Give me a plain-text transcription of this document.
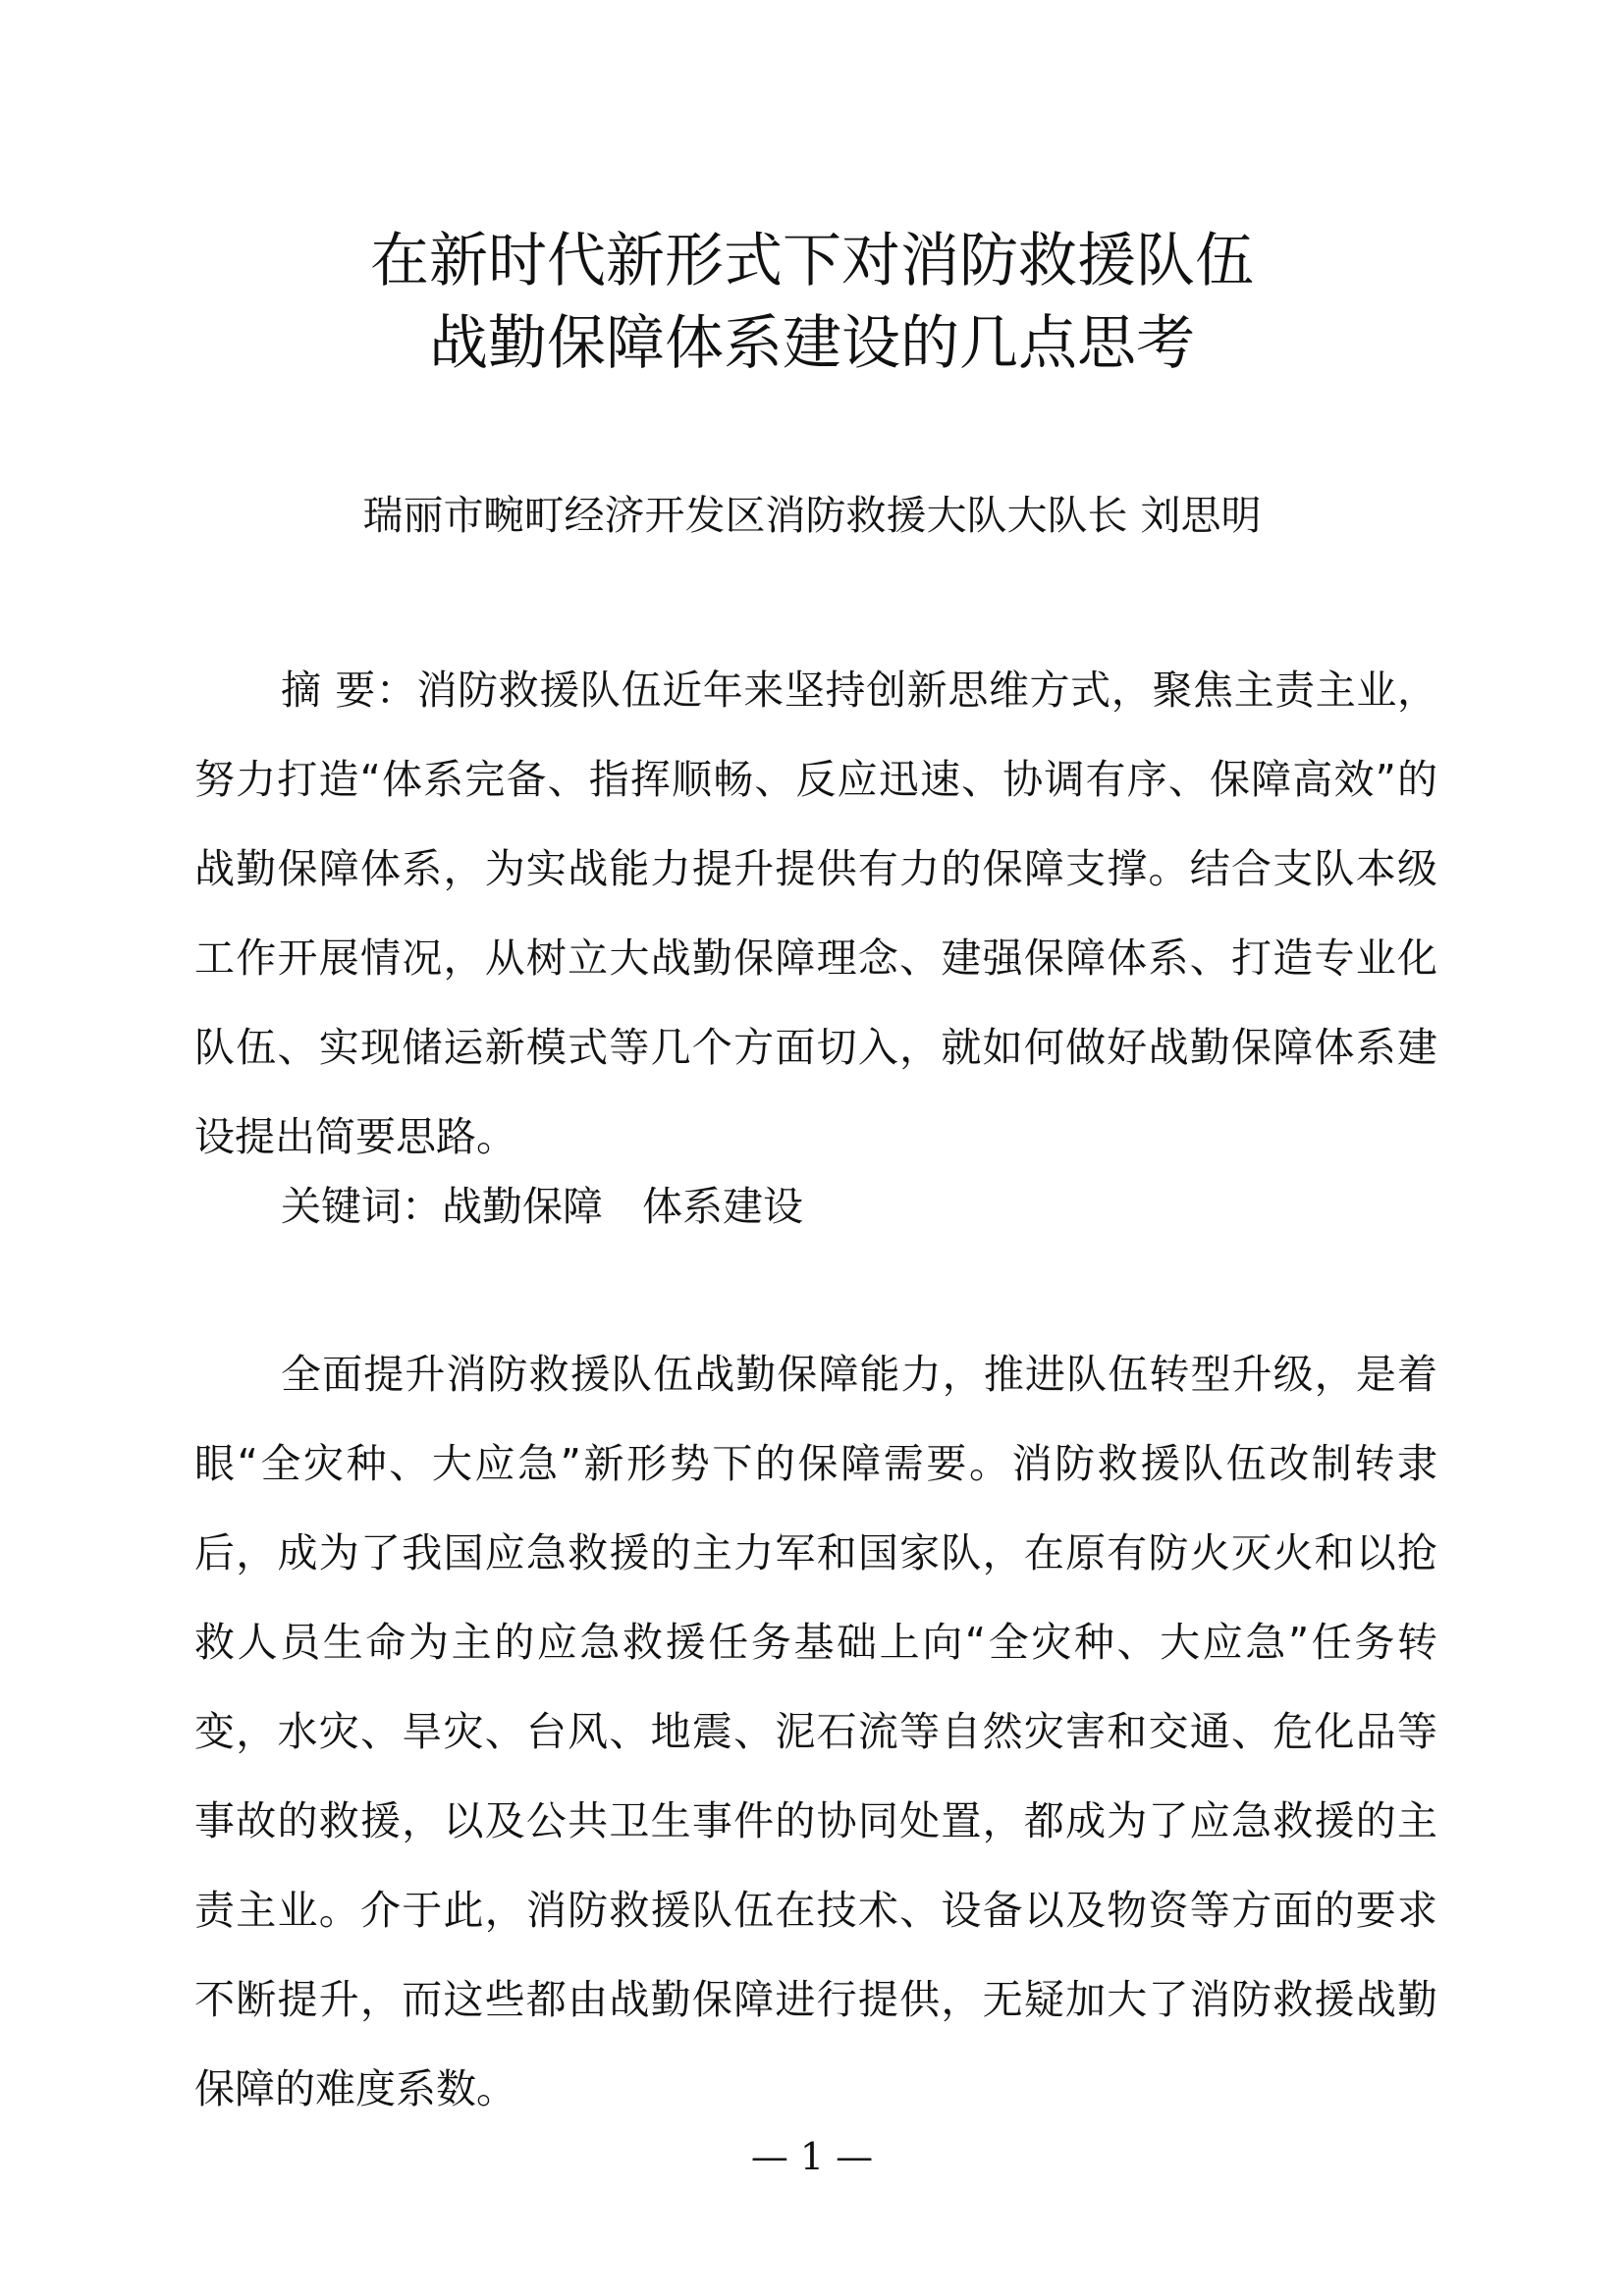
在新时代新形式下对消防救援队伍
战勤保障体系建设的几点思考

瑞丽市畹町经济开发区消防救援大队大队长 刘思明

摘 要：消防救援队伍近年来坚持创新思维方式，聚焦主责主业，努力打造“体系完备、指挥顺畅、反应迅速、协调有序、保障高效”的战勤保障体系，为实战能力提升提供有力的保障支撑。结合支队本级工作开展情况，从树立大战勤保障理念、建强保障体系、打造专业化队伍、实现储运新模式等几个方面切入，就如何做好战勤保障体系建设提出简要思路。

关键词：战勤保障 体系建设

全面提升消防救援队伍战勤保障能力，推进队伍转型升级，是着眼“全灾种、大应急”新形势下的保障需要。消防救援队伍改制转隶后，成为了我国应急救援的主力军和国家队，在原有防火灭火和以抢救人员生命为主的应急救援任务基础上向“全灾种、大应急”任务转变，水灾、旱灾、台风、地震、泥石流等自然灾害和交通、危化品等事故的救援，以及公共卫生事件的协同处置，都成为了应急救援的主责主业。介于此，消防救援队伍在技术、设备以及物资等方面的要求不断提升，而这些都由战勤保障进行提供，无疑加大了消防救援战勤保障的难度系数。

— 1 —
